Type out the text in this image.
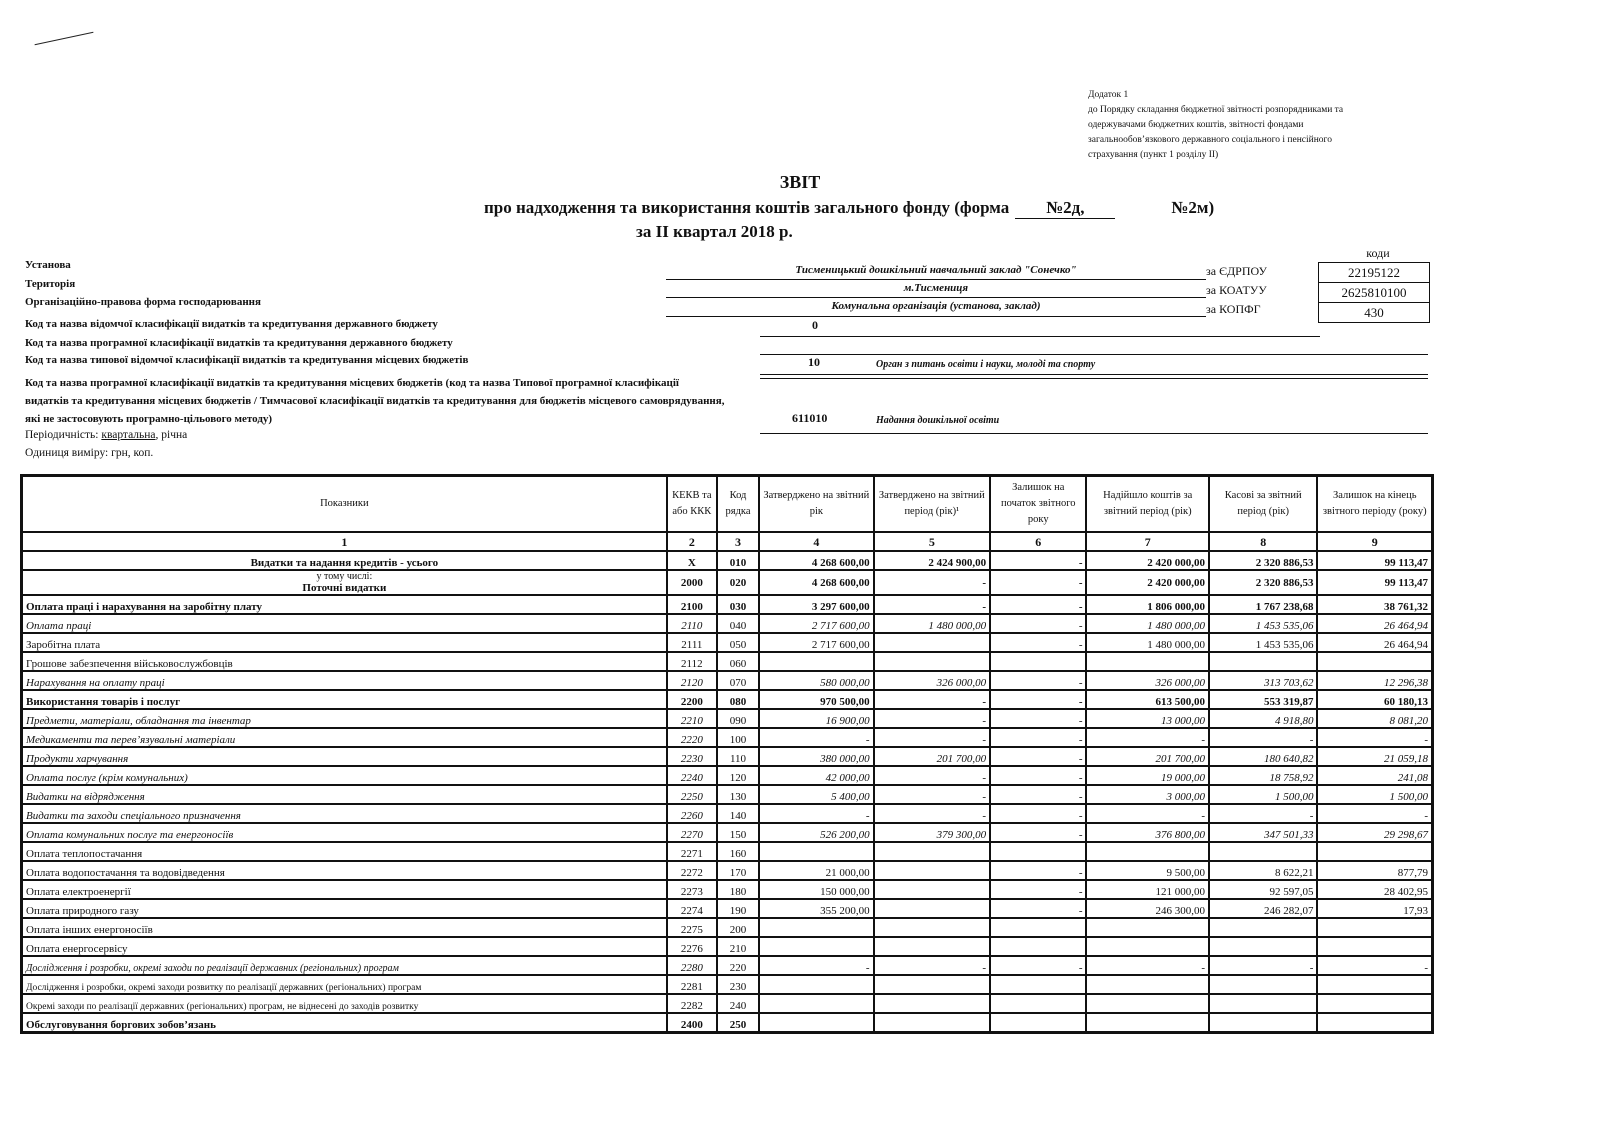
Додаток 1
до Порядку складання бюджетної звітності розпорядниками та
одержувачами бюджетних коштів, звітності фондами
загальнообов’язкового державного соціального і пенсійного
страхування (пункт 1 розділу ІІ)
ЗВІТ
про надходження та використання коштів загального фонду (форма №2д,	№2м)
за ІІ квартал 2018 р.
коди
Установа	Тисменицький дошкільний навчальний заклад "Сонечко"
Територія	м.Тисмениця
Організаційно-правова форма господарювання	Комунальна організація (установа, заклад)
за ЄДРПОУ	22195122
за КОАТУУ	2625810100
за КОПФГ	430
Код та назва відомчої класифікації видатків та кредитування державного бюджету	0
Код та назва програмної класифікації видатків та кредитування державного бюджету
Код та назва типової відомчої класифікації видатків та кредитування місцевих бюджетів	10	Орган з питань освіти і науки, молоді та спорту
Код та назва програмної класифікації видатків та кредитування місцевих бюджетів (код та назва Типової програмної класифікації видатків та кредитування місцевих бюджетів / Тимчасової класифікації видатків та кредитування для бюджетів місцевого самоврядування, які не застосовують програмно-цільового методу)	611010	Надання дошкільної освіти
Періодичність: квартальна, річна
Одиниця виміру: грн, коп.
Показники	КЕКВ та або ККК	Код рядка	Затверджено на звітний рік	Затверджено на звітний період (рік)¹	Залишок на початок звітного року	Надійшло коштів за звітний період (рік)	Касові за звітний період (рік)	Залишок на кінець звітного періоду (року)
1	2	3	4	5	6	7	8	9
Видатки та надання кредитів - усього	X	010	4 268 600,00	2 424 900,00	-	2 420 000,00	2 320 886,53	99 113,47

у тому числі:
Поточні видатки	2000	020	4 268 600,00	-	-	2 420 000,00	2 320 886,53	99 113,47
Оплата праці і нарахування на заробітну плату	2100	030	3 297 600,00	-	-	1 806 000,00	1 767 238,68	38 761,32
Оплата праці	2110	040	2 717 600,00	1 480 000,00	-	1 480 000,00	1 453 535,06	26 464,94
Заробітна плата	2111	050	2 717 600,00		-	1 480 000,00	1 453 535,06	26 464,94
Грошове забезпечення військовослужбовців	2112	060						
Нарахування на оплату праці	2120	070	580 000,00	326 000,00	-	326 000,00	313 703,62	12 296,38
Використання товарів і послуг	2200	080	970 500,00	-	-	613 500,00	553 319,87	60 180,13
Предмети, матеріали, обладнання та інвентар	2210	090	16 900,00	-	-	13 000,00	4 918,80	8 081,20
Медикаменти та перев’язувальні матеріали	2220	100	-	-	-	-	-	-
Продукти харчування	2230	110	380 000,00	201 700,00	-	201 700,00	180 640,82	21 059,18
Оплата послуг (крім комунальних)	2240	120	42 000,00	-	-	19 000,00	18 758,92	241,08
Видатки на відрядження	2250	130	5 400,00	-	-	3 000,00	1 500,00	1 500,00
Видатки та заходи спеціального призначення	2260	140	-	-	-	-	-	-
Оплата комунальних послуг та енергоносіїв	2270	150	526 200,00	379 300,00	-	376 800,00	347 501,33	29 298,67
Оплата теплопостачання	2271	160						
Оплата водопостачання та водовідведення	2272	170	21 000,00		-	9 500,00	8 622,21	877,79
Оплата електроенергії	2273	180	150 000,00		-	121 000,00	92 597,05	28 402,95
Оплата природного газу	2274	190	355 200,00		-	246 300,00	246 282,07	17,93
Оплата інших енергоносіїв	2275	200						
Оплата енергосервісу	2276	210						
Дослідження і розробки, окремі заходи по реалізації державних (регіональних) програм	2280	220	-	-	-	-	-	-
Дослідження і розробки, окремі заходи розвитку по реалізації державних (регіональних) програм	2281	230						
Окремі заходи по реалізації державних (регіональних) програм, не віднесені до заходів розвитку	2282	240						
Обслуговування боргових зобов’язань	2400	250						
